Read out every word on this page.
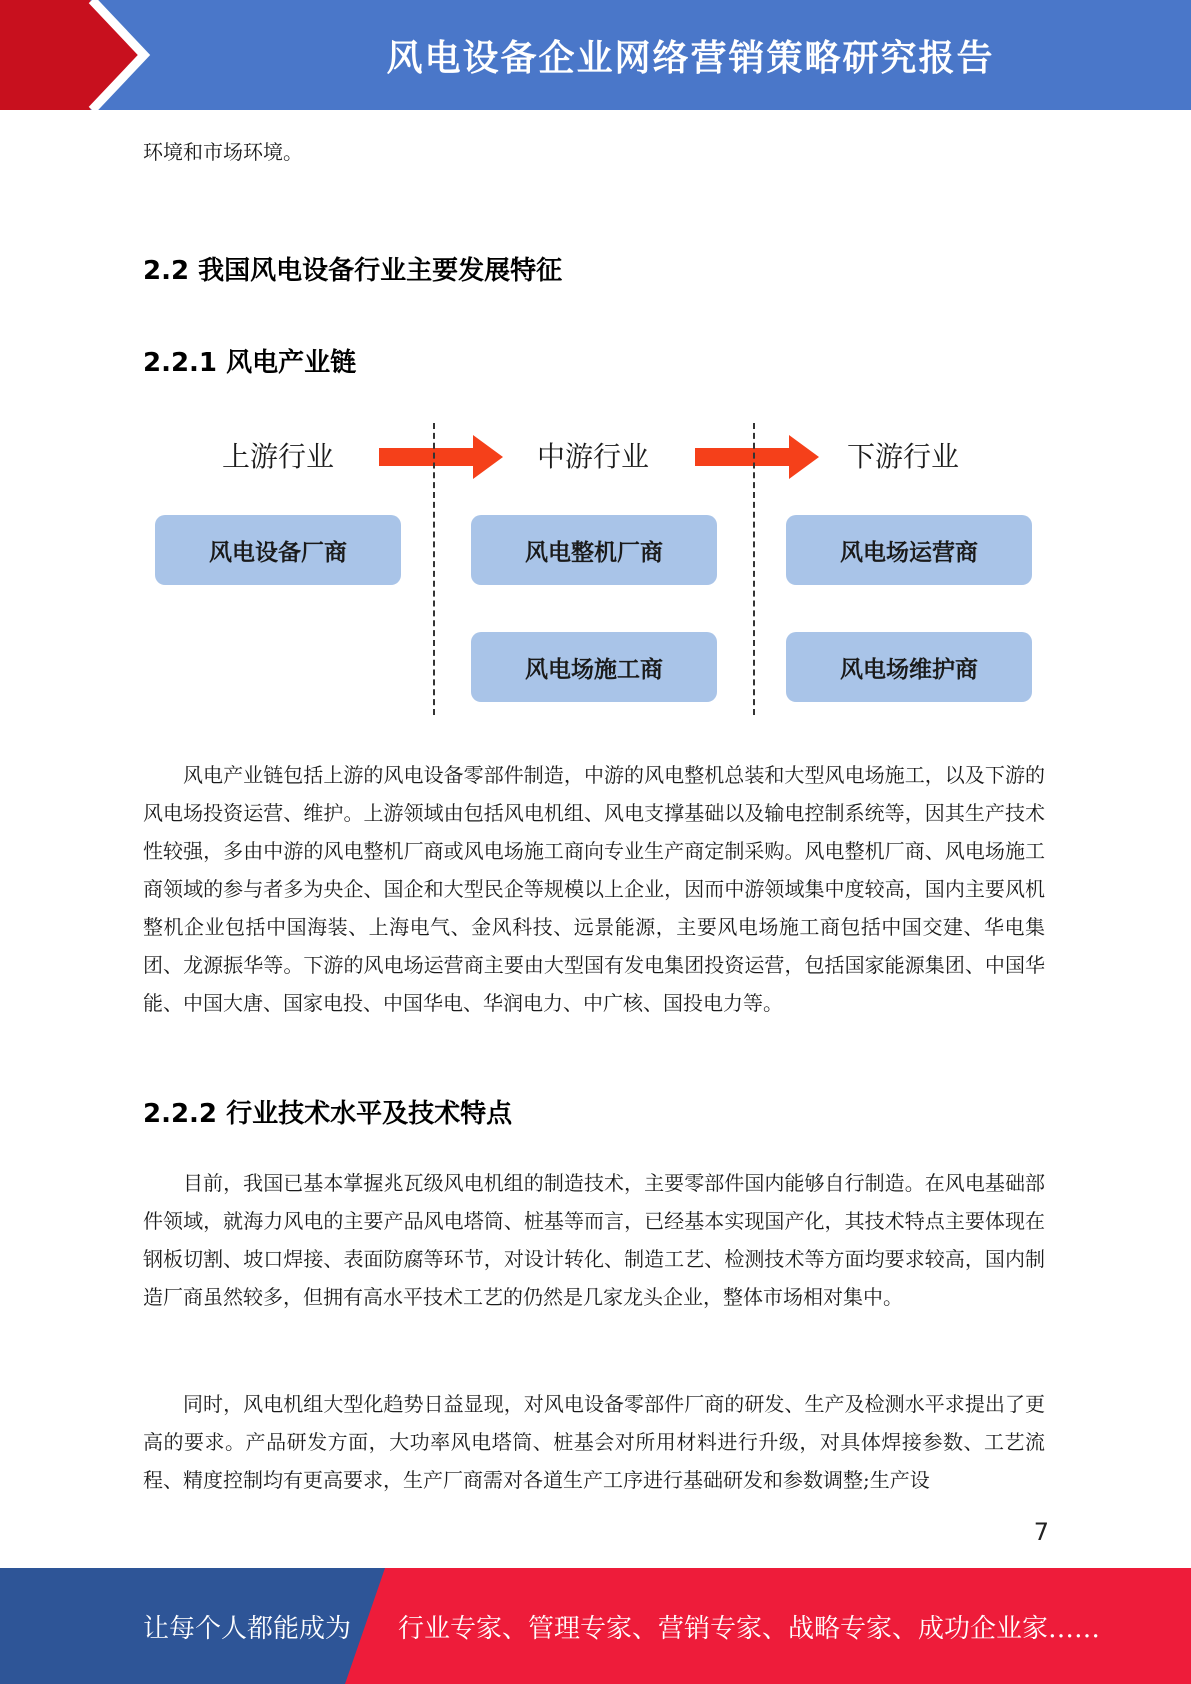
风电设备企业网络营销策略研究报告

环境和市场环境。

2.2 我国风电设备行业主要发展特征
2.2.1 风电产业链
上游行业	中游行业	下游行业
风电设备厂商	风电整机厂商
风电场施工商
风电场运营商
风电场维护商

风电产业链包括上游的风电设备零部件制造，中游的风电整机总装和大型风电场施工，以及下游的风电场投资运营、维护。上游领域由包括风电机组、风电支撑基础以及输电控制系统等，因其生产技术性较强，多由中游的风电整机厂商或风电场施工商向专业生产商定制采购。风电整机厂商、风电场施工商领域的参与者多为央企、国企和大型民企等规模以上企业，因而中游领域集中度较高，国内主要风机整机企业包括中国海装、上海电气、金风科技、远景能源，主要风电场施工商包括中国交建、华电集团、龙源振华等。下游的风电场运营商主要由大型国有发电集团投资运营，包括国家能源集团、中国华能、中国大唐、国家电投、中国华电、华润电力、中广核、国投电力等。

2.2.2 行业技术水平及技术特点

目前，我国已基本掌握兆瓦级风电机组的制造技术，主要零部件国内能够自行制造。在风电基础部件领域，就海力风电的主要产品风电塔筒、桩基等而言，已经基本实现国产化，其技术特点主要体现在钢板切割、坡口焊接、表面防腐等环节，对设计转化、制造工艺、检测技术等方面均要求较高，国内制造厂商虽然较多，但拥有高水平技术工艺的仍然是几家龙头企业，整体市场相对集中。

同时，风电机组大型化趋势日益显现，对风电设备零部件厂商的研发、生产及检测水平求提出了更高的要求。产品研发方面，大功率风电塔筒、桩基会对所用材料进行升级，对具体焊接参数、工艺流程、精度控制均有更高要求，生产厂商需对各道生产工序进行基础研发和参数调整;生产设

7
让每个人都能成为 行业专家、管理专家、营销专家、战略专家、成功企业家……
